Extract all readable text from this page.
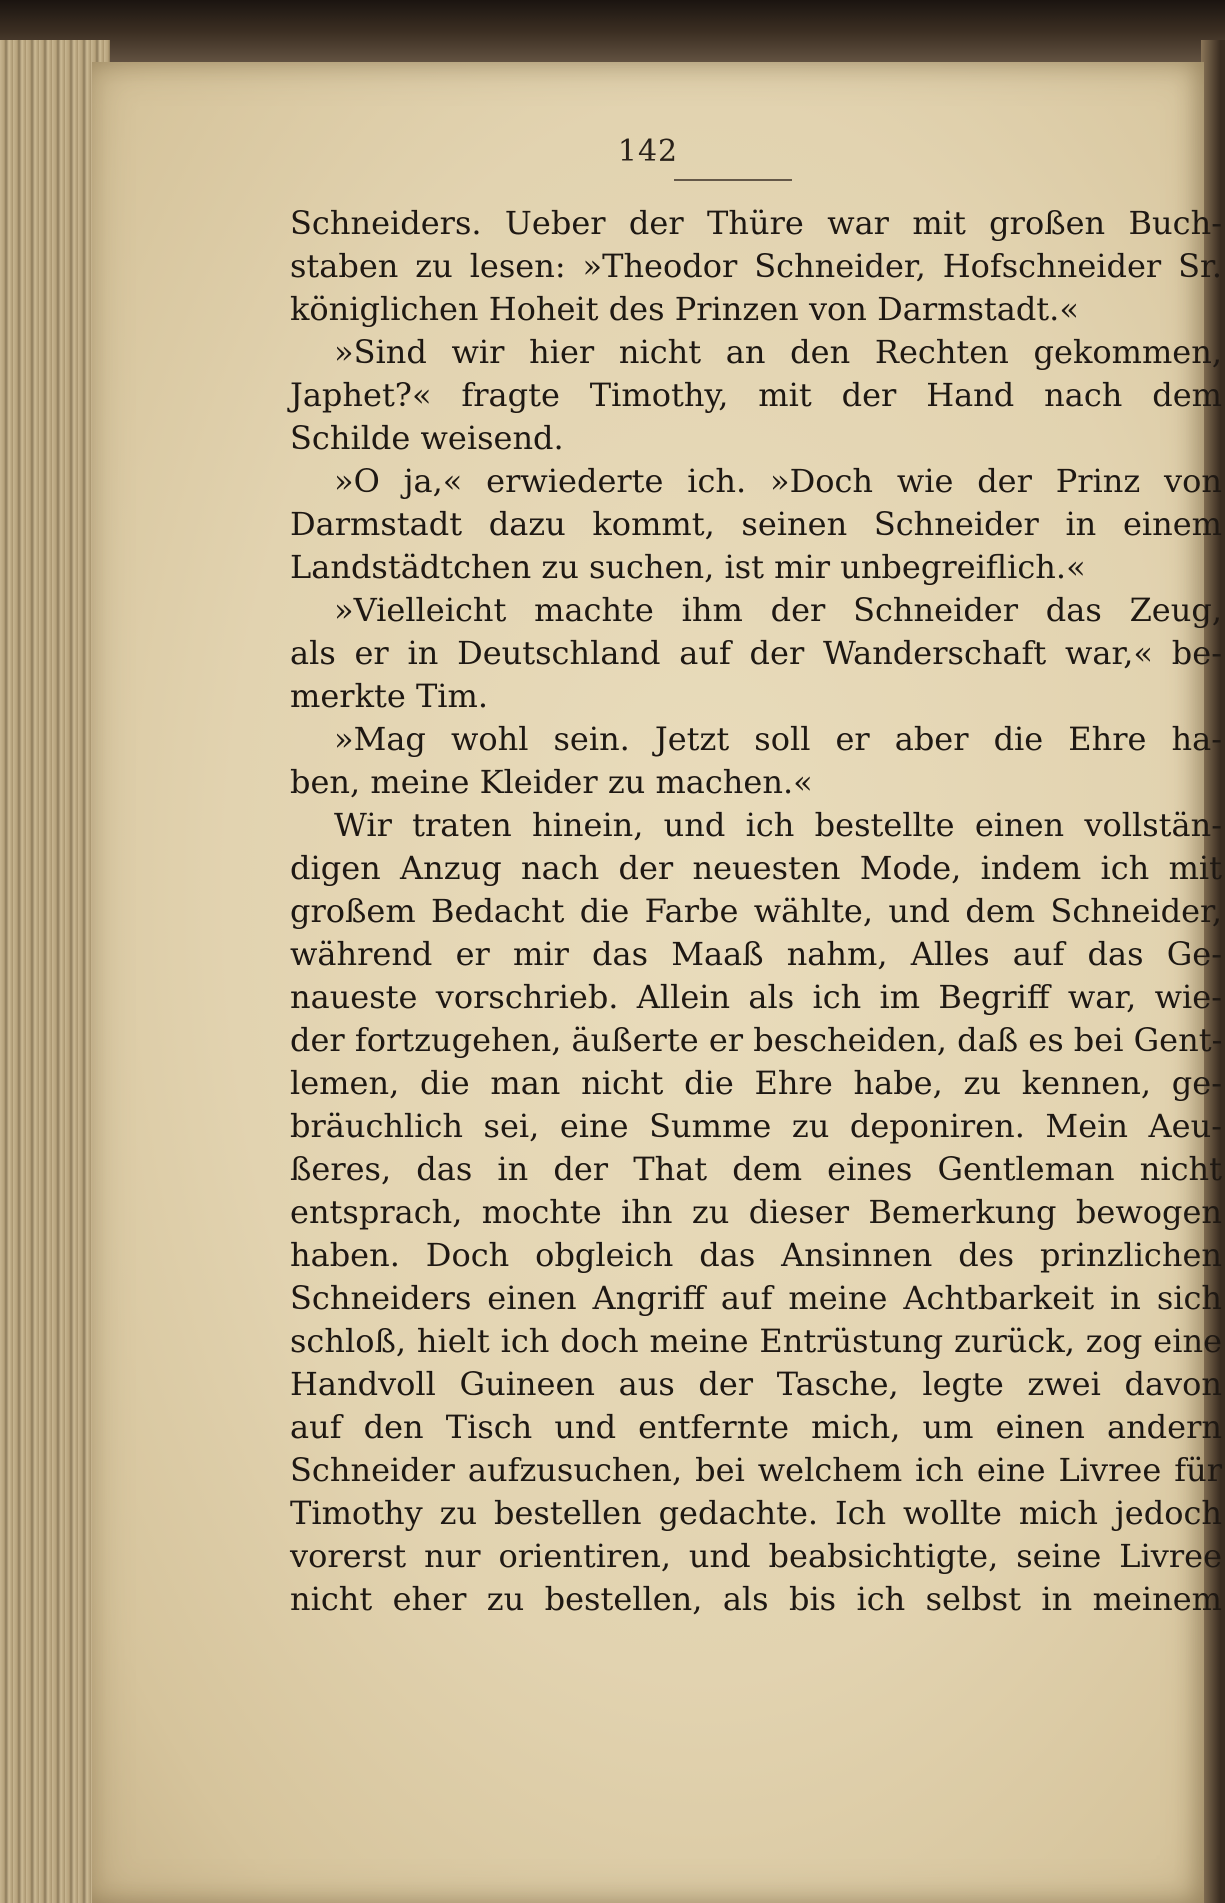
142
Schneiders. Ueber der Thüre war mit großen Buch-
staben zu lesen: »Theodor Schneider, Hofschneider Sr.
königlichen Hoheit des Prinzen von Darmstadt.«
»Sind wir hier nicht an den Rechten gekommen,
Japhet?« fragte Timothy, mit der Hand nach dem
Schilde weisend.
»O ja,« erwiederte ich. »Doch wie der Prinz von
Darmstadt dazu kommt, seinen Schneider in einem
Landstädtchen zu suchen, ist mir unbegreiflich.«
»Vielleicht machte ihm der Schneider das Zeug,
als er in Deutschland auf der Wanderschaft war,« be-
merkte Tim.
»Mag wohl sein. Jetzt soll er aber die Ehre ha-
ben, meine Kleider zu machen.«
Wir traten hinein, und ich bestellte einen vollstän-
digen Anzug nach der neuesten Mode, indem ich mit
großem Bedacht die Farbe wählte, und dem Schneider,
während er mir das Maaß nahm, Alles auf das Ge-
naueste vorschrieb. Allein als ich im Begriff war, wie-
der fortzugehen, äußerte er bescheiden, daß es bei Gent-
lemen, die man nicht die Ehre habe, zu kennen, ge-
bräuchlich sei, eine Summe zu deponiren. Mein Aeu-
ßeres, das in der That dem eines Gentleman nicht
entsprach, mochte ihn zu dieser Bemerkung bewogen
haben. Doch obgleich das Ansinnen des prinzlichen
Schneiders einen Angriff auf meine Achtbarkeit in sich
schloß, hielt ich doch meine Entrüstung zurück, zog eine
Handvoll Guineen aus der Tasche, legte zwei davon
auf den Tisch und entfernte mich, um einen andern
Schneider aufzusuchen, bei welchem ich eine Livree für
Timothy zu bestellen gedachte. Ich wollte mich jedoch
vorerst nur orientiren, und beabsichtigte, seine Livree
nicht eher zu bestellen, als bis ich selbst in meinem
